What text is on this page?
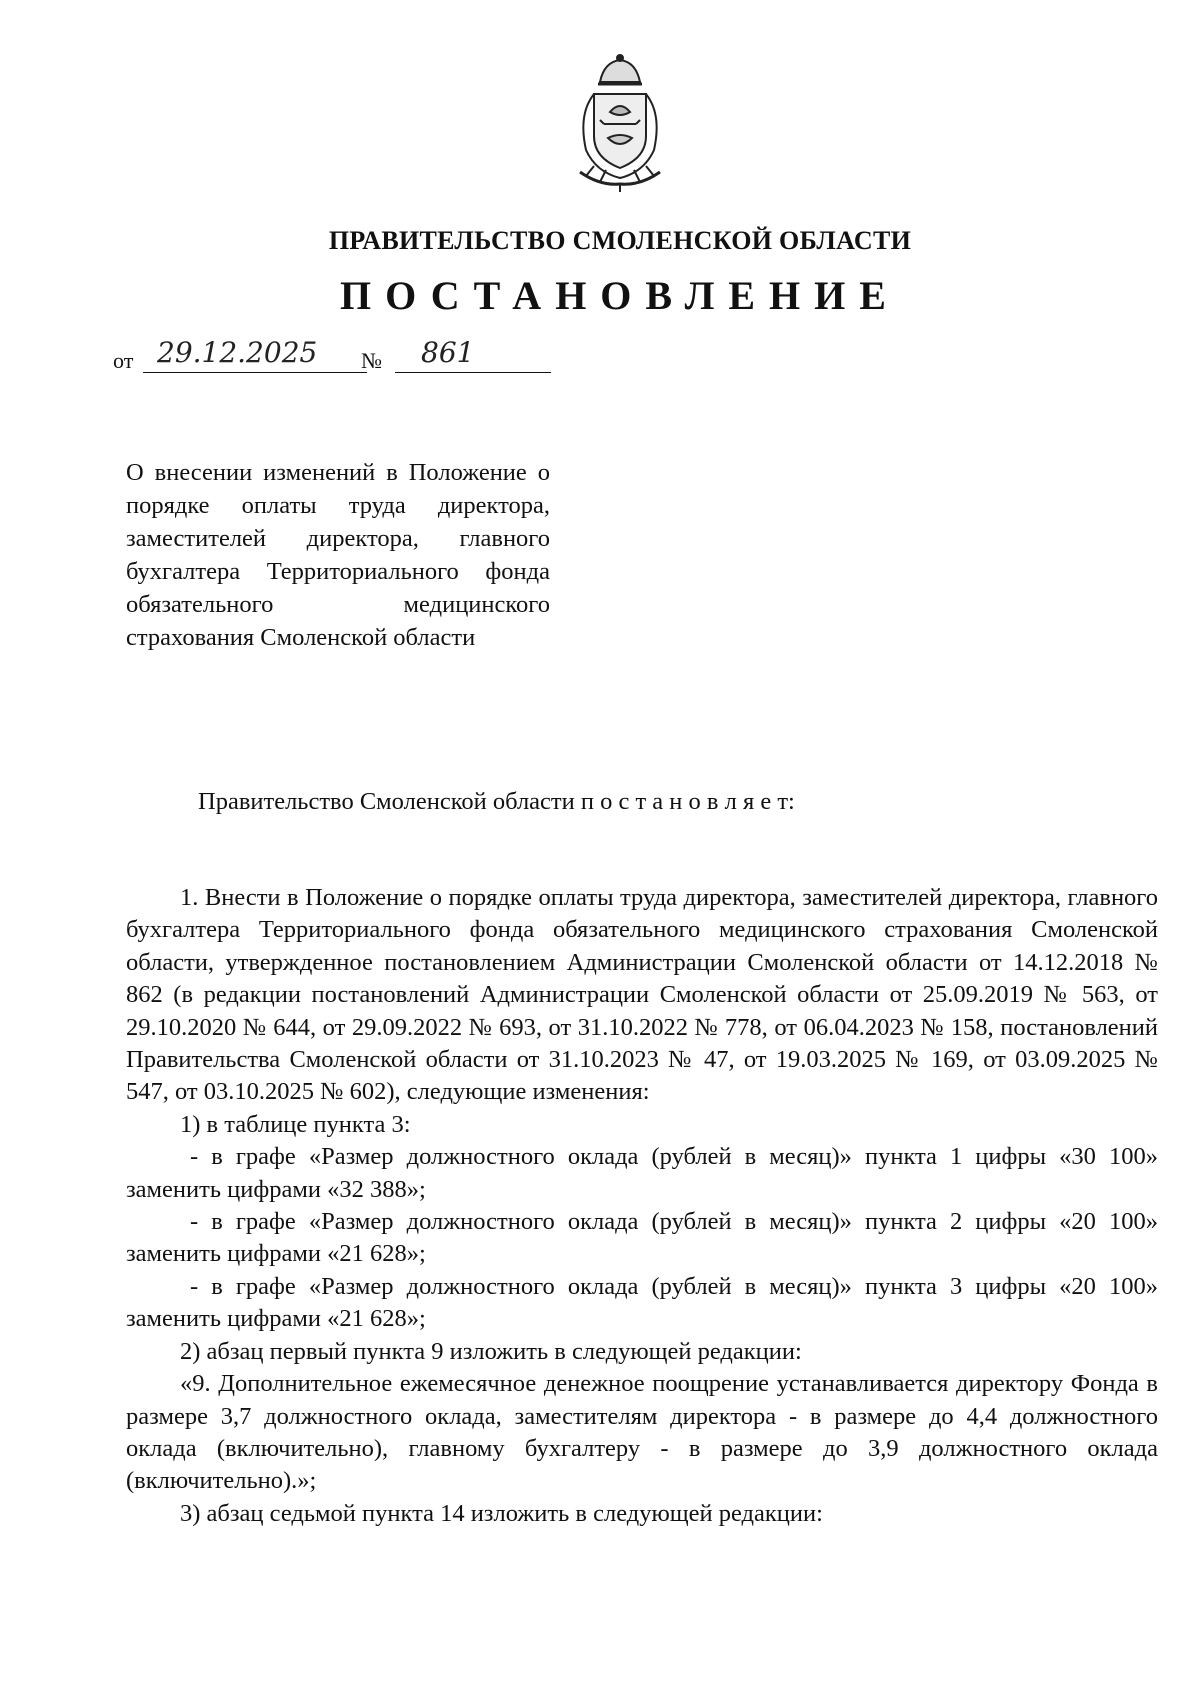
ПРАВИТЕЛЬСТВО СМОЛЕНСКОЙ ОБЛАСТИ
ПОСТАНОВЛЕНИЕ
от 29.12.2025	№	861
О внесении изменений в Положение о порядке оплаты труда директора, заместителей директора, главного бухгалтера Территориального фонда обязательного медицинского страхования Смоленской области
Правительство Смоленской области п о с т а н о в л я е т:

1. Внести в Положение о порядке оплаты труда директора, заместителей директора, главного бухгалтера Территориального фонда обязательного медицинского страхования Смоленской области, утвержденное постановлением Администрации Смоленской области от 14.12.2018 № 862 (в редакции постановлений Администрации Смоленской области от 25.09.2019 № 563, от 29.10.2020 № 644, от 29.09.2022 № 693, от 31.10.2022 № 778, от 06.04.2023 № 158, постановлений Правительства Смоленской области от 31.10.2023 № 47, от 19.03.2025 № 169, от 03.09.2025 № 547, от 03.10.2025 № 602), следующие изменения:

1) в таблице пункта 3:

- в графе «Размер должностного оклада (рублей в месяц)» пункта 1 цифры «30 100» заменить цифрами «32 388»;

- в графе «Размер должностного оклада (рублей в месяц)» пункта 2 цифры «20 100» заменить цифрами «21 628»;

- в графе «Размер должностного оклада (рублей в месяц)» пункта 3 цифры «20 100» заменить цифрами «21 628»;

2) абзац первый пункта 9 изложить в следующей редакции:

«9. Дополнительное ежемесячное денежное поощрение устанавливается директору Фонда в размере 3,7 должностного оклада, заместителям директора - в размере до 4,4 должностного оклада (включительно), главному бухгалтеру - в размере до 3,9 должностного оклада (включительно).»;

3) абзац седьмой пункта 14 изложить в следующей редакции:
